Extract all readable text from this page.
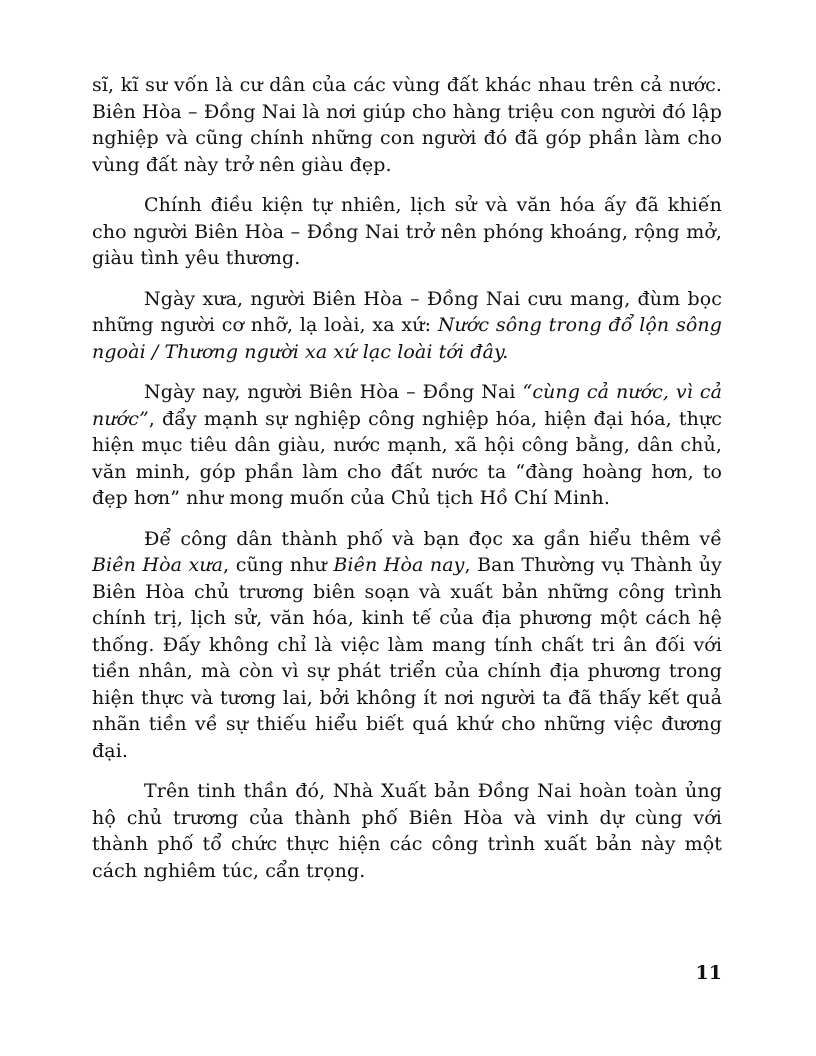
sĩ, kĩ sư vốn là cư dân của các vùng đất khác nhau trên cả nước. Biên Hòa – Đồng Nai là nơi giúp cho hàng triệu con người đó lập nghiệp và cũng chính những con người đó đã góp phần làm cho vùng đất này trở nên giàu đẹp.

Chính điều kiện tự nhiên, lịch sử và văn hóa ấy đã khiến cho người Biên Hòa – Đồng Nai trở nên phóng khoáng, rộng mở, giàu tình yêu thương.

Ngày xưa, người Biên Hòa – Đồng Nai cưu mang, đùm bọc những người cơ nhỡ, lạ loài, xa xứ: Nước sông trong đổ lộn sông ngoài / Thương người xa xứ lạc loài tới đây.

Ngày nay, người Biên Hòa – Đồng Nai “cùng cả nước, vì cả nước”, đẩy mạnh sự nghiệp công nghiệp hóa, hiện đại hóa, thực hiện mục tiêu dân giàu, nước mạnh, xã hội công bằng, dân chủ, văn minh, góp phần làm cho đất nước ta “đàng hoàng hơn, to đẹp hơn” như mong muốn của Chủ tịch Hồ Chí Minh.

Để công dân thành phố và bạn đọc xa gần hiểu thêm về Biên Hòa xưa, cũng như Biên Hòa nay, Ban Thường vụ Thành ủy Biên Hòa chủ trương biên soạn và xuất bản những công trình chính trị, lịch sử, văn hóa, kinh tế của địa phương một cách hệ thống. Đấy không chỉ là việc làm mang tính chất tri ân đối với tiền nhân, mà còn vì sự phát triển của chính địa phương trong hiện thực và tương lai, bởi không ít nơi người ta đã thấy kết quả nhãn tiền về sự thiếu hiểu biết quá khứ cho những việc đương đại.

Trên tinh thần đó, Nhà Xuất bản Đồng Nai hoàn toàn ủng hộ chủ trương của thành phố Biên Hòa và vinh dự cùng với thành phố tổ chức thực hiện các công trình xuất bản này một cách nghiêm túc, cẩn trọng.

11
